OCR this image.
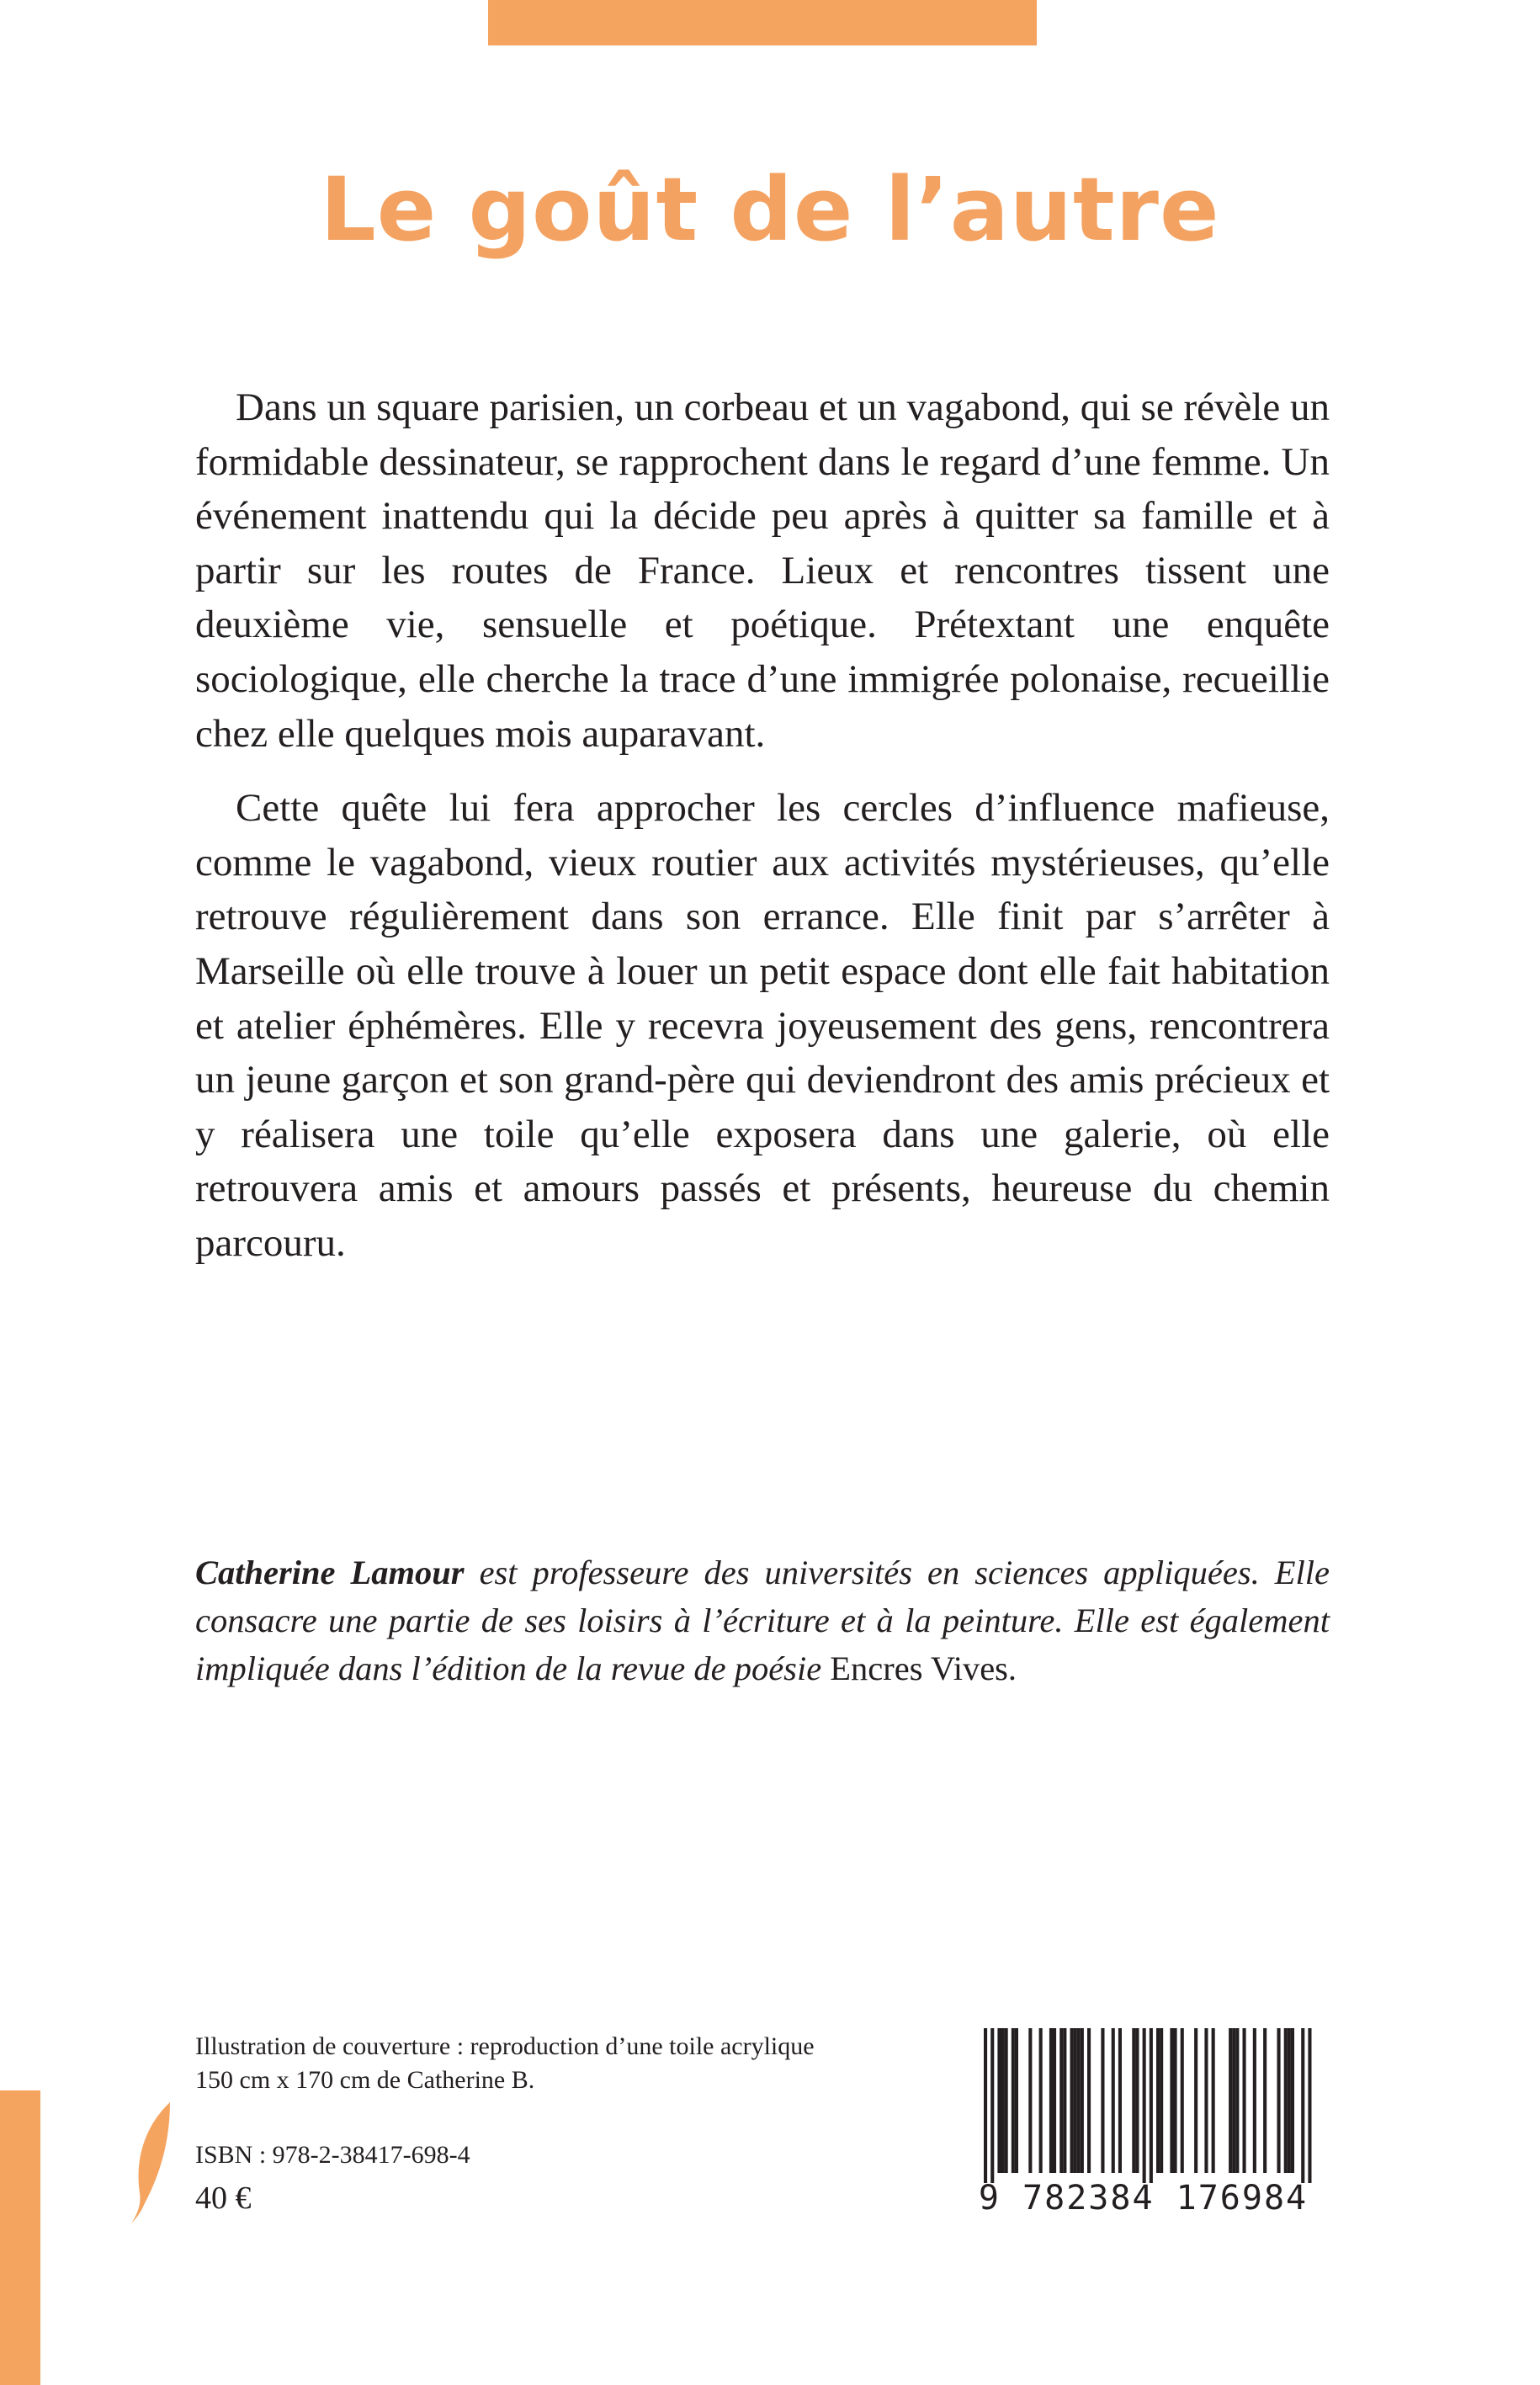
Le goût de l’autre

Dans un square parisien, un corbeau et un vagabond, qui se révèle un formidable dessinateur, se rapprochent dans le regard d’une femme. Un événement inattendu qui la décide peu après à quitter sa famille et à partir sur les routes de France. Lieux et rencontres tissent une deuxième vie, sensuelle et poétique. Prétextant une enquête sociologique, elle cherche la trace d’une immigrée polonaise, recueillie chez elle quelques mois auparavant.

Cette quête lui fera approcher les cercles d’influence mafieuse, comme le vagabond, vieux routier aux activités mystérieuses, qu’elle retrouve régulièrement dans son errance. Elle finit par s’arrêter à Marseille où elle trouve à louer un petit espace dont elle fait habitation et atelier éphémères. Elle y recevra joyeusement des gens, rencontrera un jeune garçon et son grand-père qui deviendront des amis précieux et y réalisera une toile qu’elle exposera dans une galerie, où elle retrouvera amis et amours passés et présents, heureuse du chemin parcouru.

Catherine Lamour est professeure des universités en sciences appliquées. Elle consacre une partie de ses loisirs à l’écriture et à la peinture. Elle est également impliquée dans l’édition de la revue de poésie Encres Vives.

Illustration de couverture : reproduction d’une toile acrylique

150 cm x 170 cm de Catherine B.

ISBN : 978-2-38417-698-4
40 €	9 782384 176984
